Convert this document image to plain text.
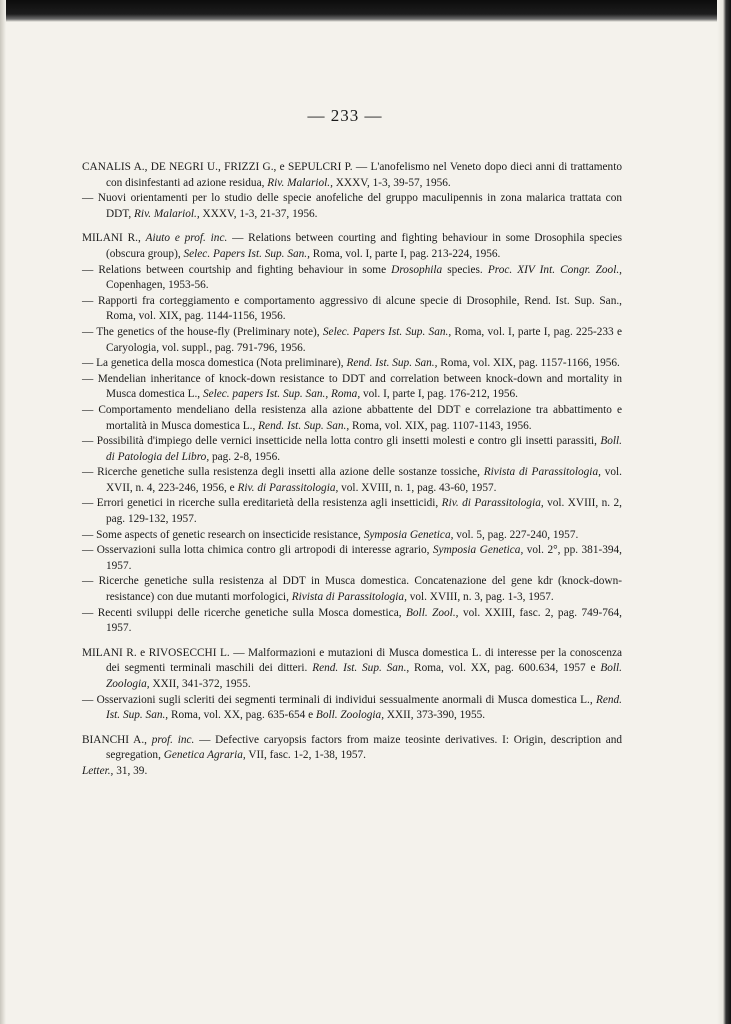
— 233 —

CANALIS A., DE NEGRI U., FRIZZI G., e SEPULCRI P. — L'anofelismo nel Veneto dopo dieci anni di trattamento con disinfestanti ad azione residua, Riv. Malariol., XXXV, 1-3, 39-57, 1956.

— Nuovi orientamenti per lo studio delle specie anofeliche del gruppo maculipennis in zona malarica trattata con DDT, Riv. Malariol., XXXV, 1-3, 21-37, 1956.

MILANI R., Aiuto e prof. inc. — Relations between courting and fighting behaviour in some Drosophila species (obscura group), Selec. Papers Ist. Sup. San., Roma, vol. I, parte I, pag. 213-224, 1956.

— Relations between courtship and fighting behaviour in some Drosophila species. Proc. XIV Int. Congr. Zool., Copenhagen, 1953-56.

— Rapporti fra corteggiamento e comportamento aggressivo di alcune specie di Drosophile, Rend. Ist. Sup. San., Roma, vol. XIX, pag. 1144-1156, 1956.

— The genetics of the house-fly (Preliminary note), Selec. Papers Ist. Sup. San., Roma, vol. I, parte I, pag. 225-233 e Caryologia, vol. suppl., pag. 791-796, 1956.

— La genetica della mosca domestica (Nota preliminare), Rend. Ist. Sup. San., Roma, vol. XIX, pag. 1157-1166, 1956.

— Mendelian inheritance of knock-down resistance to DDT and correlation between knock-down and mortality in Musca domestica L., Selec. papers Ist. Sup. San., Roma, vol. I, parte I, pag. 176-212, 1956.

— Comportamento mendeliano della resistenza alla azione abbattente del DDT e correlazione tra abbattimento e mortalità in Musca domestica L., Rend. Ist. Sup. San., Roma, vol. XIX, pag. 1107-1143, 1956.

— Possibilità d'impiego delle vernici insetticide nella lotta contro gli insetti molesti e contro gli insetti parassiti, Boll. di Patologia del Libro, pag. 2-8, 1956.

— Ricerche genetiche sulla resistenza degli insetti alla azione delle sostanze tossiche, Rivista di Parassitologia, vol. XVII, n. 4, 223-246, 1956, e Riv. di Parassitologia, vol. XVIII, n. 1, pag. 43-60, 1957.

— Errori genetici in ricerche sulla ereditarietà della resistenza agli insetticidi, Riv. di Parassitologia, vol. XVIII, n. 2, pag. 129-132, 1957.

— Some aspects of genetic research on insecticide resistance, Symposia Genetica, vol. 5, pag. 227-240, 1957.

— Osservazioni sulla lotta chimica contro gli artropodi di interesse agrario, Symposia Genetica, vol. 2°, pp. 381-394, 1957.

— Ricerche genetiche sulla resistenza al DDT in Musca domestica. Concatenazione del gene kdr (knock-down-resistance) con due mutanti morfologici, Rivista di Parassitologia, vol. XVIII, n. 3, pag. 1-3, 1957.

— Recenti sviluppi delle ricerche genetiche sulla Mosca domestica, Boll. Zool., vol. XXIII, fasc. 2, pag. 749-764, 1957.

MILANI R. e RIVOSECCHI L. — Malformazioni e mutazioni di Musca domestica L. di interesse per la conoscenza dei segmenti terminali maschili dei ditteri. Rend. Ist. Sup. San., Roma, vol. XX, pag. 600.634, 1957 e Boll. Zoologia, XXII, 341-372, 1955.

— Osservazioni sugli scleriti dei segmenti terminali di individui sessualmente anormali di Musca domestica L., Rend. Ist. Sup. San., Roma, vol. XX, pag. 635-654 e Boll. Zoologia, XXII, 373-390, 1955.

BIANCHI A., prof. inc. — Defective caryopsis factors from maize teosinte derivatives. I: Origin, description and segregation, Genetica Agraria, VII, fasc. 1-2, 1-38, 1957.

Letter., 31, 39.
